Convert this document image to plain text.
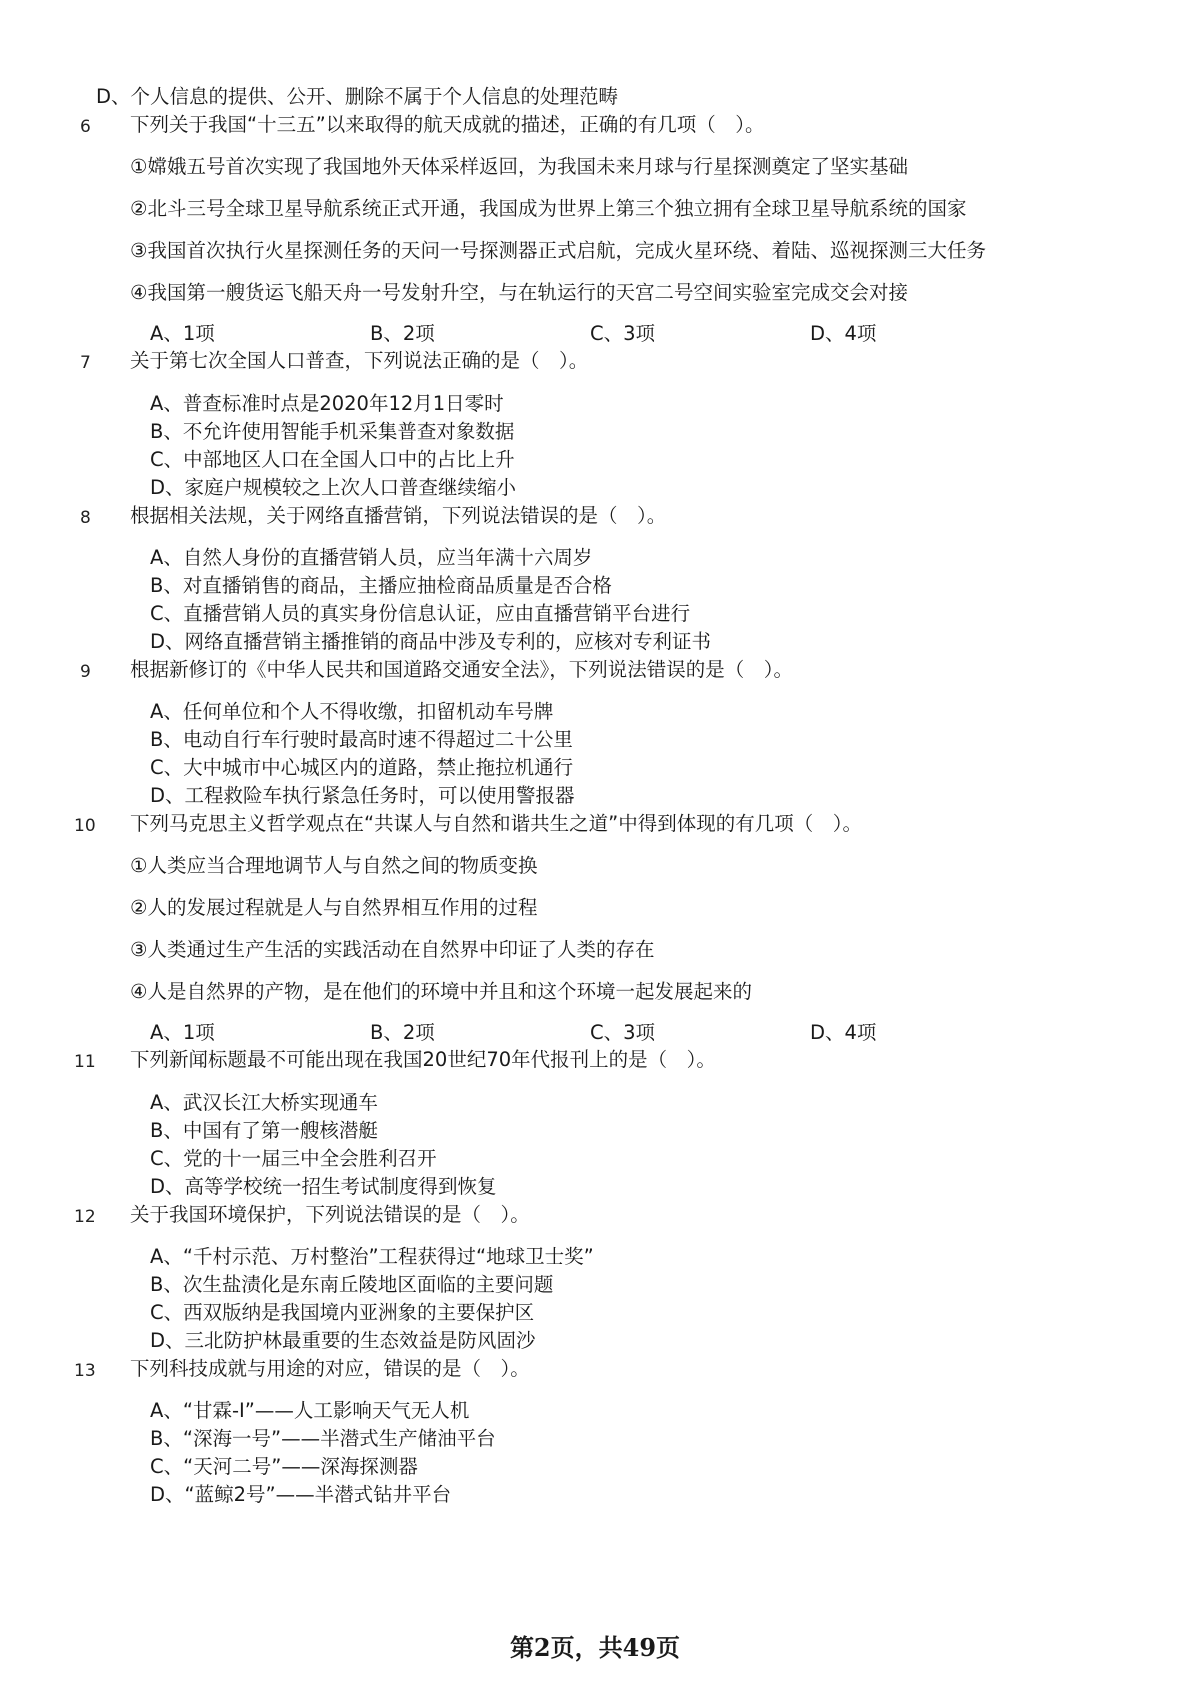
D、个人信息的提供、公开、删除不属于个人信息的处理范畴
6 下列关于我国“十三五”以来取得的航天成就的描述，正确的有几项（　）。
①嫦娥五号首次实现了我国地外天体采样返回，为我国未来月球与行星探测奠定了坚实基础
②北斗三号全球卫星导航系统正式开通，我国成为世界上第三个独立拥有全球卫星导航系统的国家
③我国首次执行火星探测任务的天问一号探测器正式启航，完成火星环绕、着陆、巡视探测三大任务
④我国第一艘货运飞船天舟一号发射升空，与在轨运行的天宫二号空间实验室完成交会对接
A、1项	B、2项	C、3项	D、4项
7 关于第七次全国人口普查，下列说法正确的是（　）。
A、普查标准时点是2020年12月1日零时
B、不允许使用智能手机采集普查对象数据
C、中部地区人口在全国人口中的占比上升
D、家庭户规模较之上次人口普查继续缩小
8 根据相关法规，关于网络直播营销，下列说法错误的是（　）。
A、自然人身份的直播营销人员，应当年满十六周岁
B、对直播销售的商品，主播应抽检商品质量是否合格
C、直播营销人员的真实身份信息认证，应由直播营销平台进行
D、网络直播营销主播推销的商品中涉及专利的，应核对专利证书
9 根据新修订的《中华人民共和国道路交通安全法》，下列说法错误的是（　）。
A、任何单位和个人不得收缴，扣留机动车号牌
B、电动自行车行驶时最高时速不得超过二十公里
C、大中城市中心城区内的道路，禁止拖拉机通行
D、工程救险车执行紧急任务时，可以使用警报器
10 下列马克思主义哲学观点在“共谋人与自然和谐共生之道”中得到体现的有几项（　）。
①人类应当合理地调节人与自然之间的物质变换
②人的发展过程就是人与自然界相互作用的过程
③人类通过生产生活的实践活动在自然界中印证了人类的存在
④人是自然界的产物，是在他们的环境中并且和这个环境一起发展起来的
A、1项	B、2项	C、3项	D、4项
11 下列新闻标题最不可能出现在我国20世纪70年代报刊上的是（　）。
A、武汉长江大桥实现通车
B、中国有了第一艘核潜艇
C、党的十一届三中全会胜利召开
D、高等学校统一招生考试制度得到恢复
12 关于我国环境保护，下列说法错误的是（　）。
A、“千村示范、万村整治”工程获得过“地球卫士奖”
B、次生盐渍化是东南丘陵地区面临的主要问题
C、西双版纳是我国境内亚洲象的主要保护区
D、三北防护林最重要的生态效益是防风固沙
13 下列科技成就与用途的对应，错误的是（　）。
A、“甘霖-Ⅰ”——人工影响天气无人机
B、“深海一号”——半潜式生产储油平台
C、“天河二号”——深海探测器
D、“蓝鲸2号”——半潜式钻井平台
第2页，共49页
